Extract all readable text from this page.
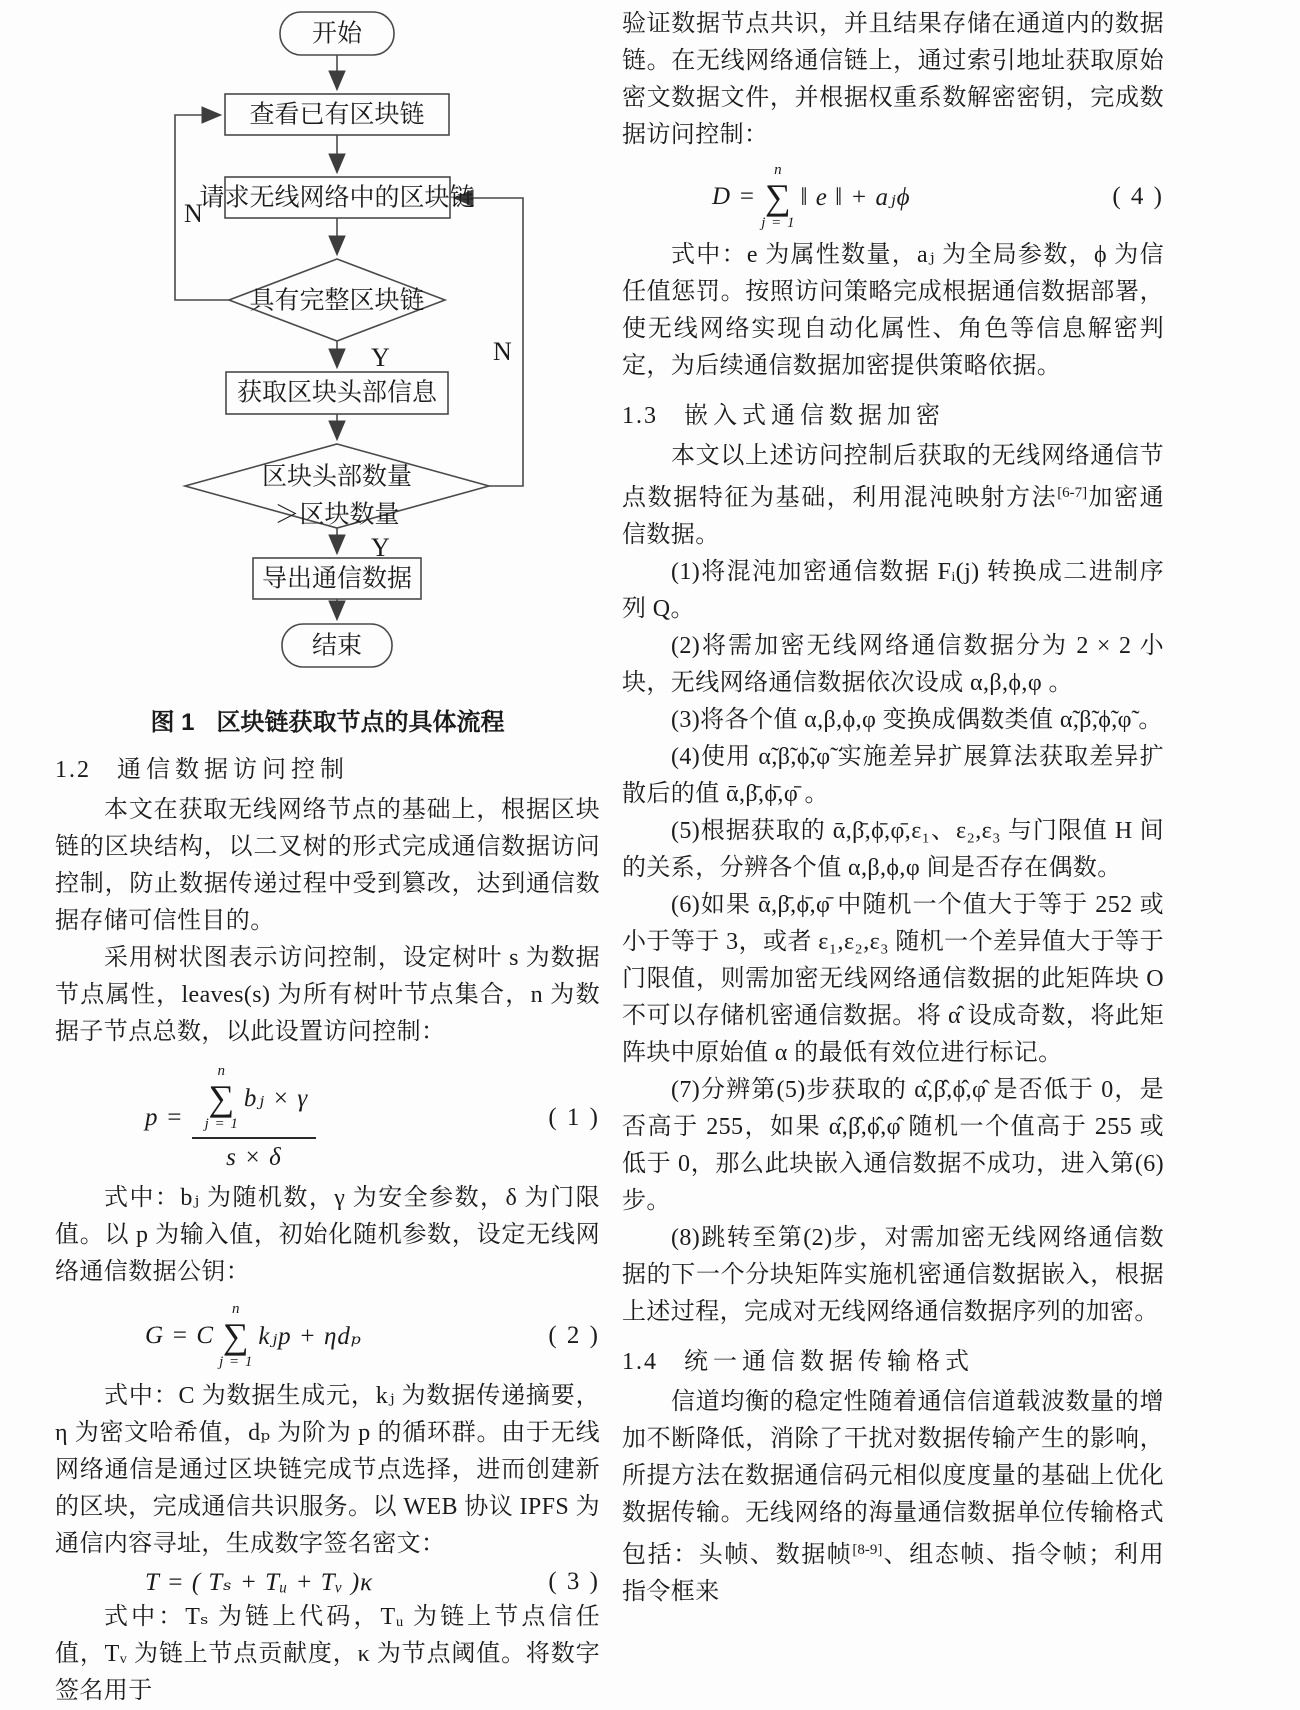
开始
查看已有区块链
请求无线网络中的区块链
具有完整区块链
获取区块头部信息
区块头部数量
＞区块数量
导出通信数据
结束
Y
Y
N
N
图 1 区块链获取节点的具体流程
1.2 通信数据访问控制

本文在获取无线网络节点的基础上，根据区块链的区块结构，以二叉树的形式完成通信数据访问控制，防止数据传递过程中受到篡改，达到通信数据存储可信性目的。

采用树状图表示访问控制，设定树叶 s 为数据节点属性，leaves(s) 为所有树叶节点集合，n 为数据子节点总数，以此设置访问控制：

p =
n
∑
j = 1
bⱼ × γ
s × δ
( 1 )

式中：bⱼ 为随机数，γ 为安全参数，δ 为门限值。以 p 为输入值，初始化随机参数，设定无线网络通信数据公钥：

G = C
n
∑
j = 1
kⱼp + ηdₚ	( 2 )

式中：C 为数据生成元，kⱼ 为数据传递摘要，η 为密文哈希值，dₚ 为阶为 p 的循环群。由于无线网络通信是通过区块链完成节点选择，进而创建新的区块，完成通信共识服务。以 WEB 协议 IPFS 为通信内容寻址，生成数字签名密文：

T = ( Tₛ + Tᵤ + Tᵥ )κ	( 3 )

式中：Tₛ 为链上代码，Tᵤ 为链上节点信任值，Tᵥ 为链上节点贡献度，κ 为节点阈值。将数字签名用于

验证数据节点共识，并且结果存储在通道内的数据链。在无线网络通信链上，通过索引地址获取原始密文数据文件，并根据权重系数解密密钥，完成数据访问控制：

D =
n
∑
j = 1
‖ e ‖ + aⱼϕ	( 4 )

式中：e 为属性数量，aⱼ 为全局参数，ϕ 为信任值惩罚。按照访问策略完成根据通信数据部署，使无线网络实现自动化属性、角色等信息解密判定，为后续通信数据加密提供策略依据。

1.3 嵌入式通信数据加密

本文以上述访问控制后获取的无线网络通信节点数据特征为基础，利用混沌映射方法[6-7]加密通信数据。

(1)将混沌加密通信数据 Fᵢ(j) 转换成二进制序列 Q。

(2)将需加密无线网络通信数据分为 2 × 2 小块，无线网络通信数据依次设成 α,β,ϕ,φ 。

(3)将各个值 α,β,ϕ,φ 变换成偶数类值 α̃,β̃,ϕ̃,φ̃ 。

(4)使用 α̃,β̃,ϕ̃,φ̃ 实施差异扩展算法获取差异扩散后的值 ᾱ,β̄,ϕ̄,φ̄ 。

(5)根据获取的 ᾱ,β̄,ϕ̄,φ̄,ε₁、ε₂,ε₃ 与门限值 H 间的关系，分辨各个值 α,β,ϕ,φ 间是否存在偶数。

(6)如果 ᾱ,β̄,ϕ̄,φ̄ 中随机一个值大于等于 252 或小于等于 3，或者 ε₁,ε₂,ε₃ 随机一个差异值大于等于门限值，则需加密无线网络通信数据的此矩阵块 O 不可以存储机密通信数据。将 α̂ 设成奇数，将此矩阵块中原始值 α 的最低有效位进行标记。

(7)分辨第(5)步获取的 α̂,β̂,ϕ̂,φ̂ 是否低于 0，是否高于 255，如果 α̂,β̂,ϕ̂,φ̂ 随机一个值高于 255 或低于 0，那么此块嵌入通信数据不成功，进入第(6)步。

(8)跳转至第(2)步，对需加密无线网络通信数据的下一个分块矩阵实施机密通信数据嵌入，根据上述过程，完成对无线网络通信数据序列的加密。

1.4 统一通信数据传输格式

信道均衡的稳定性随着通信信道载波数量的增加不断降低，消除了干扰对数据传输产生的影响，所提方法在数据通信码元相似度度量的基础上优化数据传输。无线网络的海量通信数据单位传输格式包括：头帧、数据帧[8-9]、组态帧、指令帧；利用指令框来
